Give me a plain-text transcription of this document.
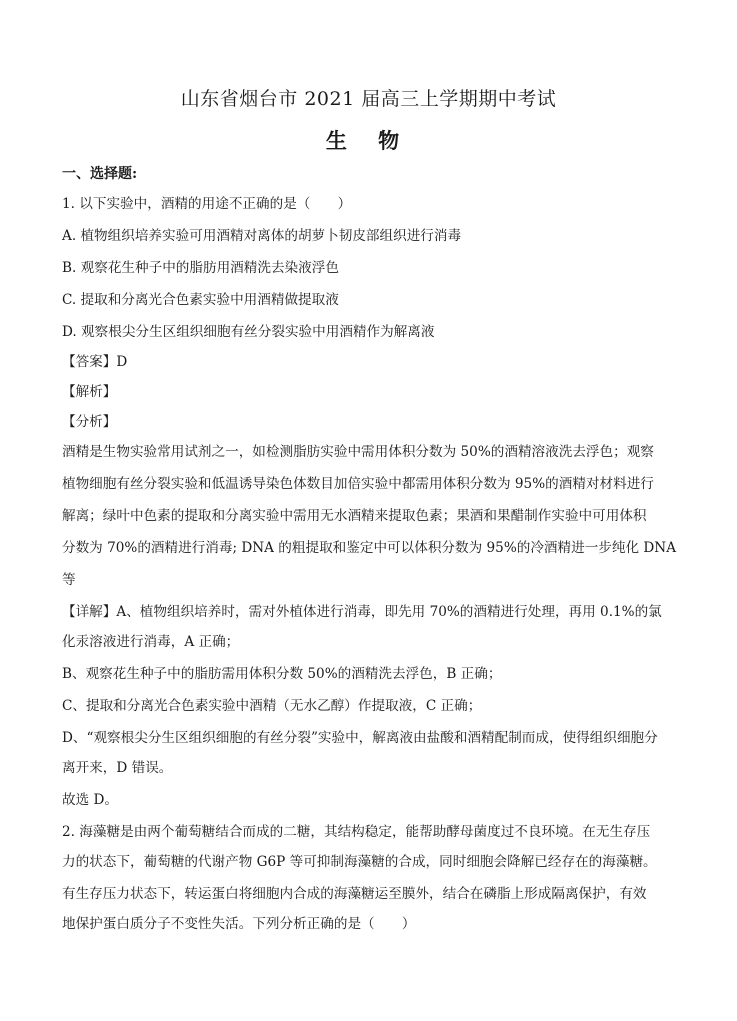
山东省烟台市 2021 届高三上学期期中考试
生 物
一、选择题:
1. 以下实验中，酒精的用途不正确的是（　　）
A. 植物组织培养实验可用酒精对离体的胡萝卜韧皮部组织进行消毒
B. 观察花生种子中的脂肪用酒精洗去染液浮色
C. 提取和分离光合色素实验中用酒精做提取液
D. 观察根尖分生区组织细胞有丝分裂实验中用酒精作为解离液
【答案】D
【解析】
【分析】
酒精是生物实验常用试剂之一，如检测脂肪实验中需用体积分数为 50%的酒精溶液洗去浮色；观察
植物细胞有丝分裂实验和低温诱导染色体数目加倍实验中都需用体积分数为 95%的酒精对材料进行
解离；绿叶中色素的提取和分离实验中需用无水酒精来提取色素；果酒和果醋制作实验中可用体积
分数为 70%的酒精进行消毒; DNA 的粗提取和鉴定中可以体积分数为 95%的冷酒精进一步纯化 DNA
等
【详解】A、植物组织培养时，需对外植体进行消毒，即先用 70%的酒精进行处理，再用 0.1%的氯
化汞溶液进行消毒，A 正确；
B、观察花生种子中的脂肪需用体积分数 50%的酒精洗去浮色，B 正确；
C、提取和分离光合色素实验中酒精（无水乙醇）作提取液，C 正确；
D、“观察根尖分生区组织细胞的有丝分裂”实验中，解离液由盐酸和酒精配制而成，使得组织细胞分
离开来，D 错误。
故选 D。
2. 海藻糖是由两个葡萄糖结合而成的二糖，其结构稳定，能帮助酵母菌度过不良环境。在无生存压
力的状态下，葡萄糖的代谢产物 G6P 等可抑制海藻糖的合成，同时细胞会降解已经存在的海藻糖。
有生存压力状态下，转运蛋白将细胞内合成的海藻糖运至膜外，结合在磷脂上形成隔离保护，有效
地保护蛋白质分子不变性失活。下列分析正确的是（　　）
